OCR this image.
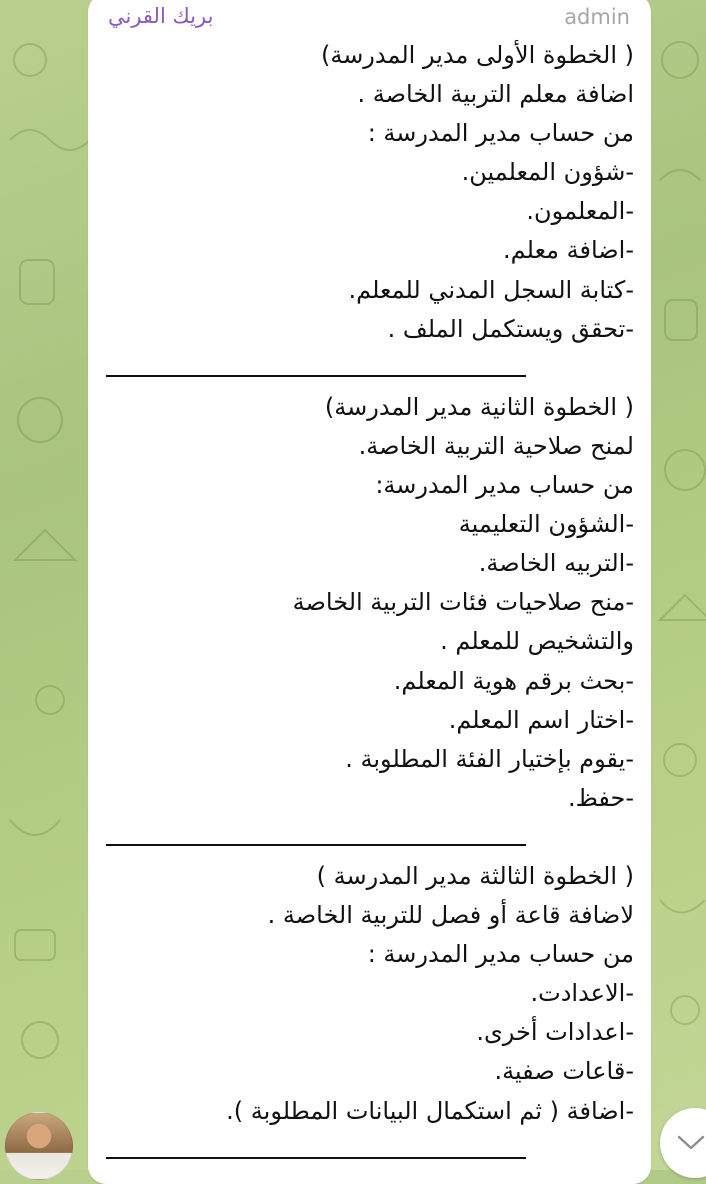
بريك القرني	admin
( الخطوة الأولى مدير المدرسة)
اضافة معلم التربية الخاصة .
من حساب مدير المدرسة :
-شؤون المعلمين.
-المعلمون.
-اضافة معلم.
-كتابة السجل المدني للمعلم.
-تحقق ويستكمل الملف .
( الخطوة الثانية مدير المدرسة)
لمنح صلاحية التربية الخاصة.
من حساب مدير المدرسة:
-الشؤون التعليمية
-التربيه الخاصة.
-منح صلاحيات فئات التربية الخاصة
والتشخيص للمعلم .
-بحث برقم هوية المعلم.
-اختار اسم المعلم.
-يقوم بإختيار الفئة المطلوبة .
-حفظ.
( الخطوة الثالثة مدير المدرسة )
لاضافة قاعة أو فصل للتربية الخاصة .
من حساب مدير المدرسة :
-الاعدادت.
-اعدادات أخرى.
-قاعات صفية.
-اضافة ( ثم استكمال البيانات المطلوبة ).
